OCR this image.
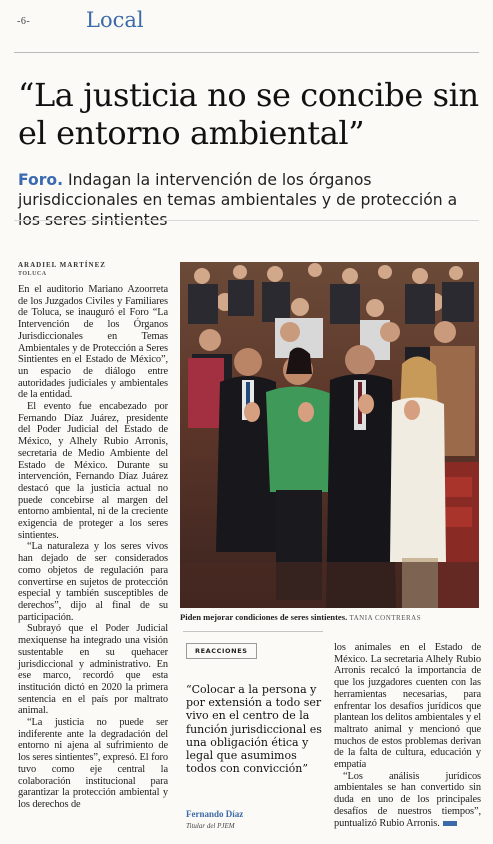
-6-	Local
“La justicia no se concibe sin el entorno ambiental”
Foro. Indagan la intervención de los órganos jurisdiccionales en temas ambientales y de protección a los seres sintientes
ARADIEL MARTÍNEZ
TOLUCA

En el auditorio Mariano Azoorreta de los Juzgados Civiles y Familiares de Toluca, se inauguró el Foro “La Intervención de los Órganos Jurisdiccionales en Temas Ambientales y de Protección a Seres Sintientes en el Estado de México”, un espacio de diálogo entre autoridades judiciales y ambientales de la entidad.

El evento fue encabezado por Fernando Díaz Juárez, presidente del Poder Judicial del Estado de México, y Alhely Rubio Arronis, secretaria de Medio Ambiente del Estado de México. Durante su intervención, Fernando Díaz Juárez destacó que la justicia actual no puede concebirse al margen del entorno ambiental, ni de la creciente exigencia de proteger a los seres sintientes.

“La naturaleza y los seres vivos han dejado de ser considerados como objetos de regulación para convertirse en sujetos de protección especial y también susceptibles de derechos”, dijo al final de su participación.

Subrayó que el Poder Judicial mexiquense ha integrado una visión sustentable en su quehacer jurisdiccional y administrativo. En ese marco, recordó que esta institución dictó en 2020 la primera sentencia en el país por maltrato animal.

“La justicia no puede ser indiferente ante la degradación del entorno ni ajena al sufrimiento de los seres sintientes”, expresó. El foro tuvo como eje central la colaboración institucional para garantizar la protección ambiental y los derechos de

Piden mejorar condiciones de seres sintientes. TANIA CONTRERAS
REACCIONES
“Colocar a la persona y por extensión a todo ser vivo en el centro de la función jurisdiccional es una obligación ética y legal que asumimos todos con convicción”
Fernando Díaz
Titular del PJEM

los animales en el Estado de México. La secretaria Alhely Rubio Arronis recalcó la importancia de que los juzgadores cuenten con las herramientas necesarias, para enfrentar los desafíos jurídicos que plantean los delitos ambientales y el maltrato animal y mencionó que muchos de estos problemas derivan de la falta de cultura, educación y empatía

“Los análisis jurídicos ambientales se han convertido sin duda en uno de los principales desafíos de nuestros tiempos”, puntualizó Rubio Arronis.
